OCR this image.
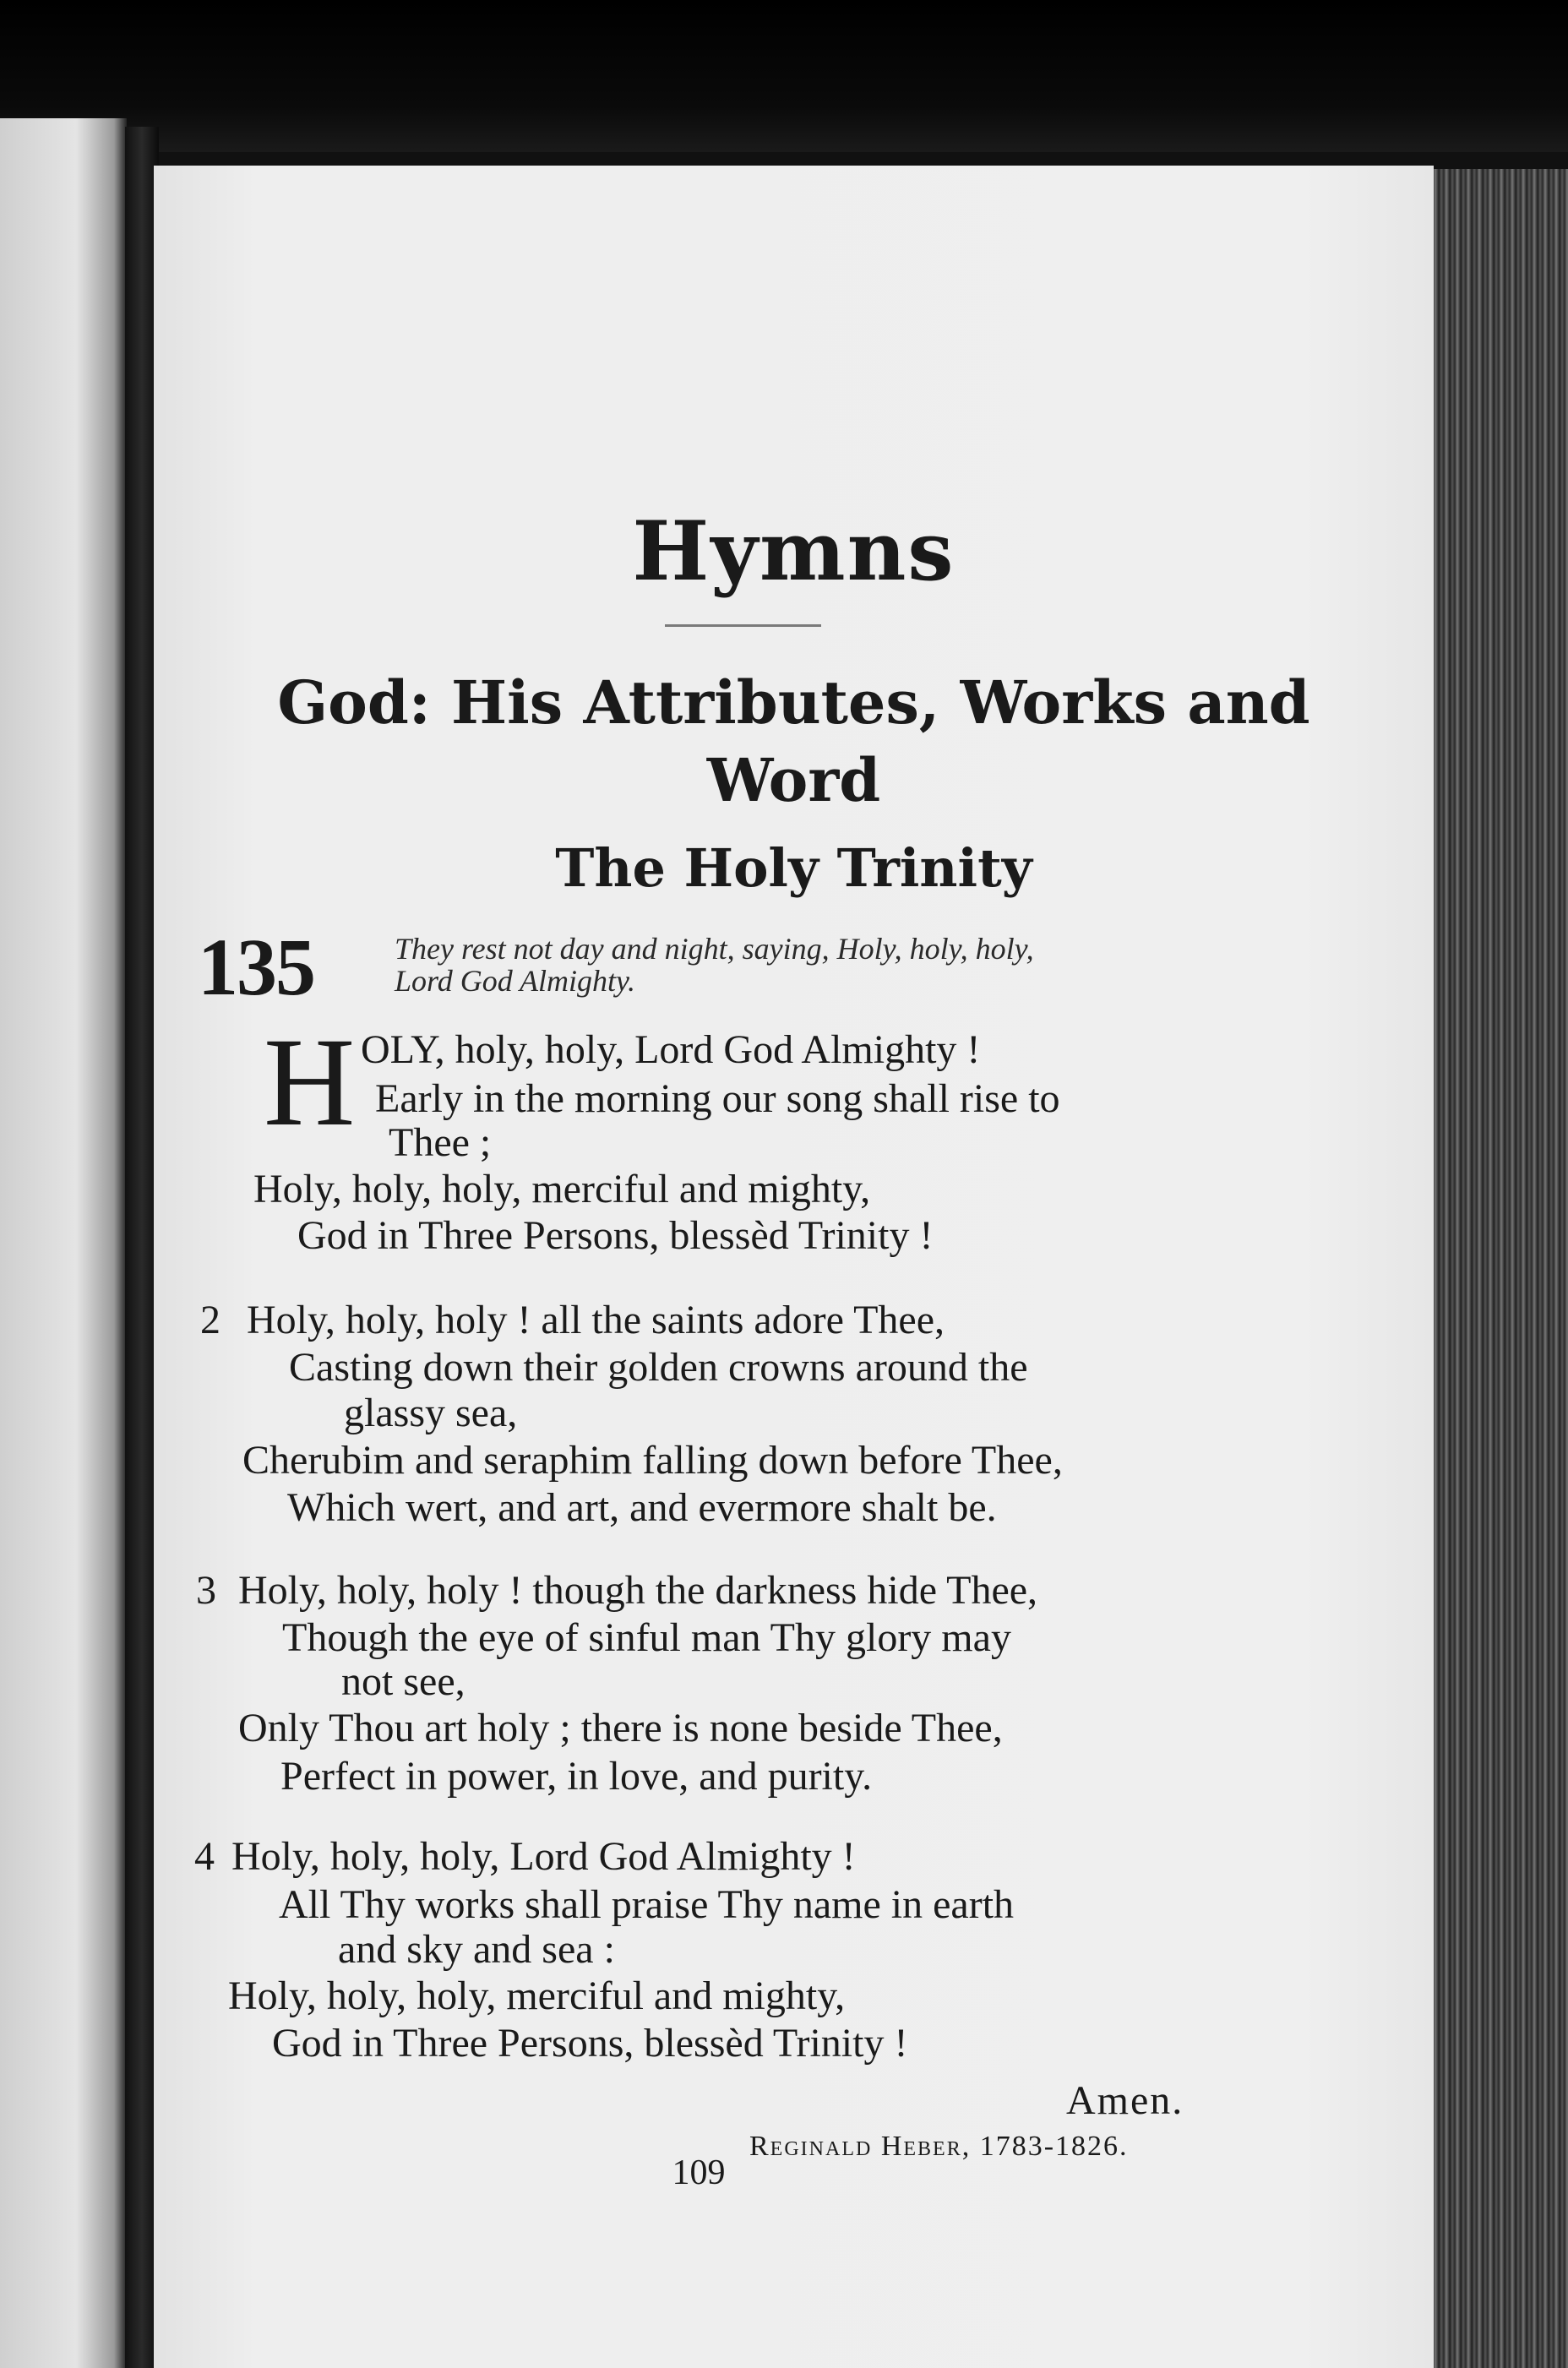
Hymns
God: His Attributes, Works and
Word
The Holy Trinity
135	They rest not day and night, saying, Holy, holy, holy,
Lord God Almighty.
H OLY, holy, holy, Lord God Almighty !
Early in the morning our song shall rise to
Thee ;
Holy, holy, holy, merciful and mighty,
God in Three Persons, blessèd Trinity !
2 Holy, holy, holy ! all the saints adore Thee,
Casting down their golden crowns around the
glassy sea,
Cherubim and seraphim falling down before Thee,
Which wert, and art, and evermore shalt be.
3 Holy, holy, holy ! though the darkness hide Thee,
Though the eye of sinful man Thy glory may
not see,
Only Thou art holy ; there is none beside Thee,
Perfect in power, in love, and purity.
4 Holy, holy, holy, Lord God Almighty !
All Thy works shall praise Thy name in earth
and sky and sea :
Holy, holy, holy, merciful and mighty,
God in Three Persons, blessèd Trinity !
Amen.
Reginald Heber, 1783-1826.
109
